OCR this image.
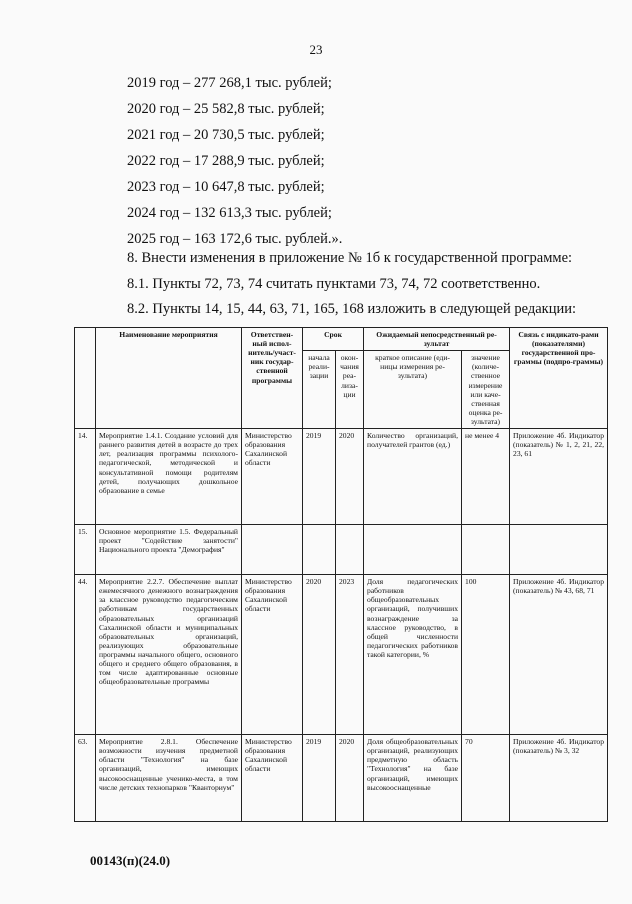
23
2019 год – 277 268,1 тыс. рублей;
2020 год – 25 582,8 тыс. рублей;
2021 год – 20 730,5 тыс. рублей;
2022 год – 17 288,9 тыс. рублей;
2023 год – 10 647,8 тыс. рублей;
2024 год – 132 613,3 тыс. рублей;
2025 год – 163 172,6 тыс. рублей.».
8. Внести изменения в приложение № 1б к государственной программе:
8.1. Пункты 72, 73, 74 считать пунктами 73, 74, 72 соответственно.
8.2. Пункты 14, 15, 44, 63, 71, 165, 168 изложить в следующей редакции:
	Наименование мероприятия	Ответствен-ный испол-нитель/участ-ник государ-ственной программы	Срок		Ожидаемый непосредственный ре-зультат		Связь с индикато-рами (показателями) государственной про-граммы (подпро-граммы)
			начала реали-зации	окон-чания реа-лиза-ции	краткое описание (еди-ницы измерения ре-зультата)	значение (количе-ственное измерение или каче-ственная оценка ре-зультата)	
14.	Мероприятие 1.4.1. Создание условий для раннего развития детей в возрасте до трех лет, реализация программы психолого-педагогической, методической и консультативной помощи родителям детей, получающих дошкольное образование в семье	Министерство образования Сахалинской области	2019	2020	Количество организаций, получателей грантов (ед.)	не менее 4	Приложение 4б. Индикатор (показатель) № 1, 2, 21, 22, 23, 61
15.	Основное мероприятие 1.5. Федеральный проект "Содействие занятости" Национального проекта "Демография"						
44.	Мероприятие 2.2.7. Обеспечение выплат ежемесячного денежного вознаграждения за классное руководство педагогическим работникам государственных образовательных организаций Сахалинской области и муниципальных образовательных организаций, реализующих образовательные программы начального общего, основного общего и среднего общего образования, в том числе адаптированные основные общеобразовательные программы	Министерство образования Сахалинской области	2020	2023	Доля педагогических работников общеобразовательных организаций, получивших вознаграждение за классное руководство, в общей численности педагогических работников такой категории, %	100	Приложение 4б. Индикатор (показатель) № 43, 68, 71
63.	Мероприятие 2.8.1. Обеспечение возможности изучения предметной области "Технология" на базе организаций, имеющих высокооснащенные ученико-места, в том числе детских технопарков "Кванториум"	Министерство образования Сахалинской области	2019	2020	Доля общеобразовательных организаций, реализующих предметную область "Технология" на базе организаций, имеющих высокооснащенные	70	Приложение 4б. Индикатор (показатель) № 3, 32
00143(п)(24.0)
